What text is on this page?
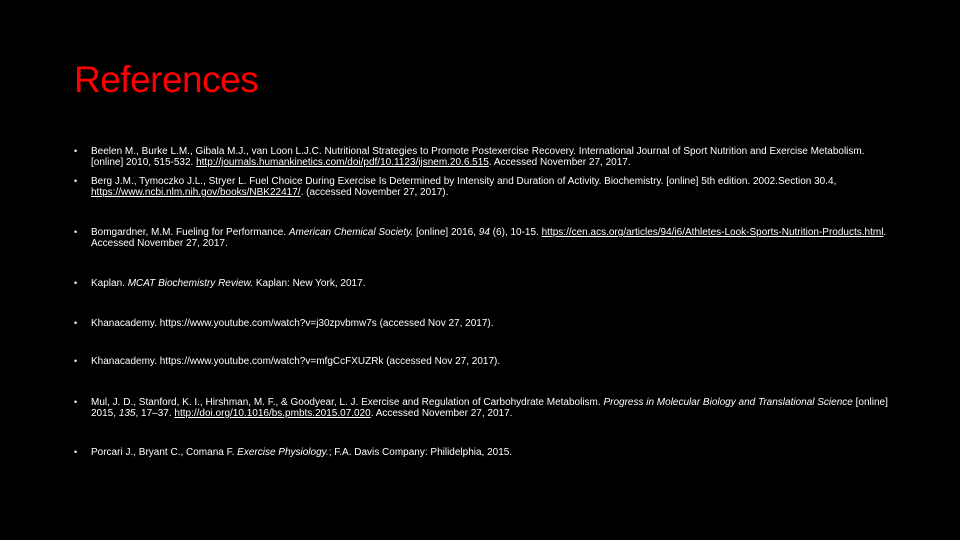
References
•	Beelen M., Burke L.M., Gibala M.J., van Loon L.J.C. Nutritional Strategies to Promote Postexercise Recovery. International Journal of Sport Nutrition and Exercise Metabolism. [online] 2010, 515-532. http://journals.humankinetics.com/doi/pdf/10.1123/ijsnem.20.6.515. Accessed November 27, 2017.
•	Berg J.M., Tymoczko J.L., Stryer L. Fuel Choice During Exercise Is Determined by Intensity and Duration of Activity. Biochemistry. [online] 5th edition. 2002.Section 30.4, https://www.ncbi.nlm.nih.gov/books/NBK22417/. (accessed November 27, 2017).
•	Bomgardner, M.M. Fueling for Performance. American Chemical Society. [online] 2016, 94 (6), 10-15. https://cen.acs.org/articles/94/i6/Athletes-Look-Sports-Nutrition-Products.html. Accessed November 27, 2017.
•	Kaplan. MCAT Biochemistry Review. Kaplan: New York, 2017.
•	Khanacademy. https://www.youtube.com/watch?v=j30zpvbmw7s (accessed Nov 27, 2017).
•	Khanacademy. https://www.youtube.com/watch?v=mfgCcFXUZRk (accessed Nov 27, 2017).
•	Mul, J. D., Stanford, K. I., Hirshman, M. F., & Goodyear, L. J. Exercise and Regulation of Carbohydrate Metabolism. Progress in Molecular Biology and Translational Science [online] 2015, 135, 17–37. http://doi.org/10.1016/bs.pmbts.2015.07.020. Accessed November 27, 2017.
•	Porcari J., Bryant C., Comana F. Exercise Physiology.; F.A. Davis Company: Philidelphia, 2015.
